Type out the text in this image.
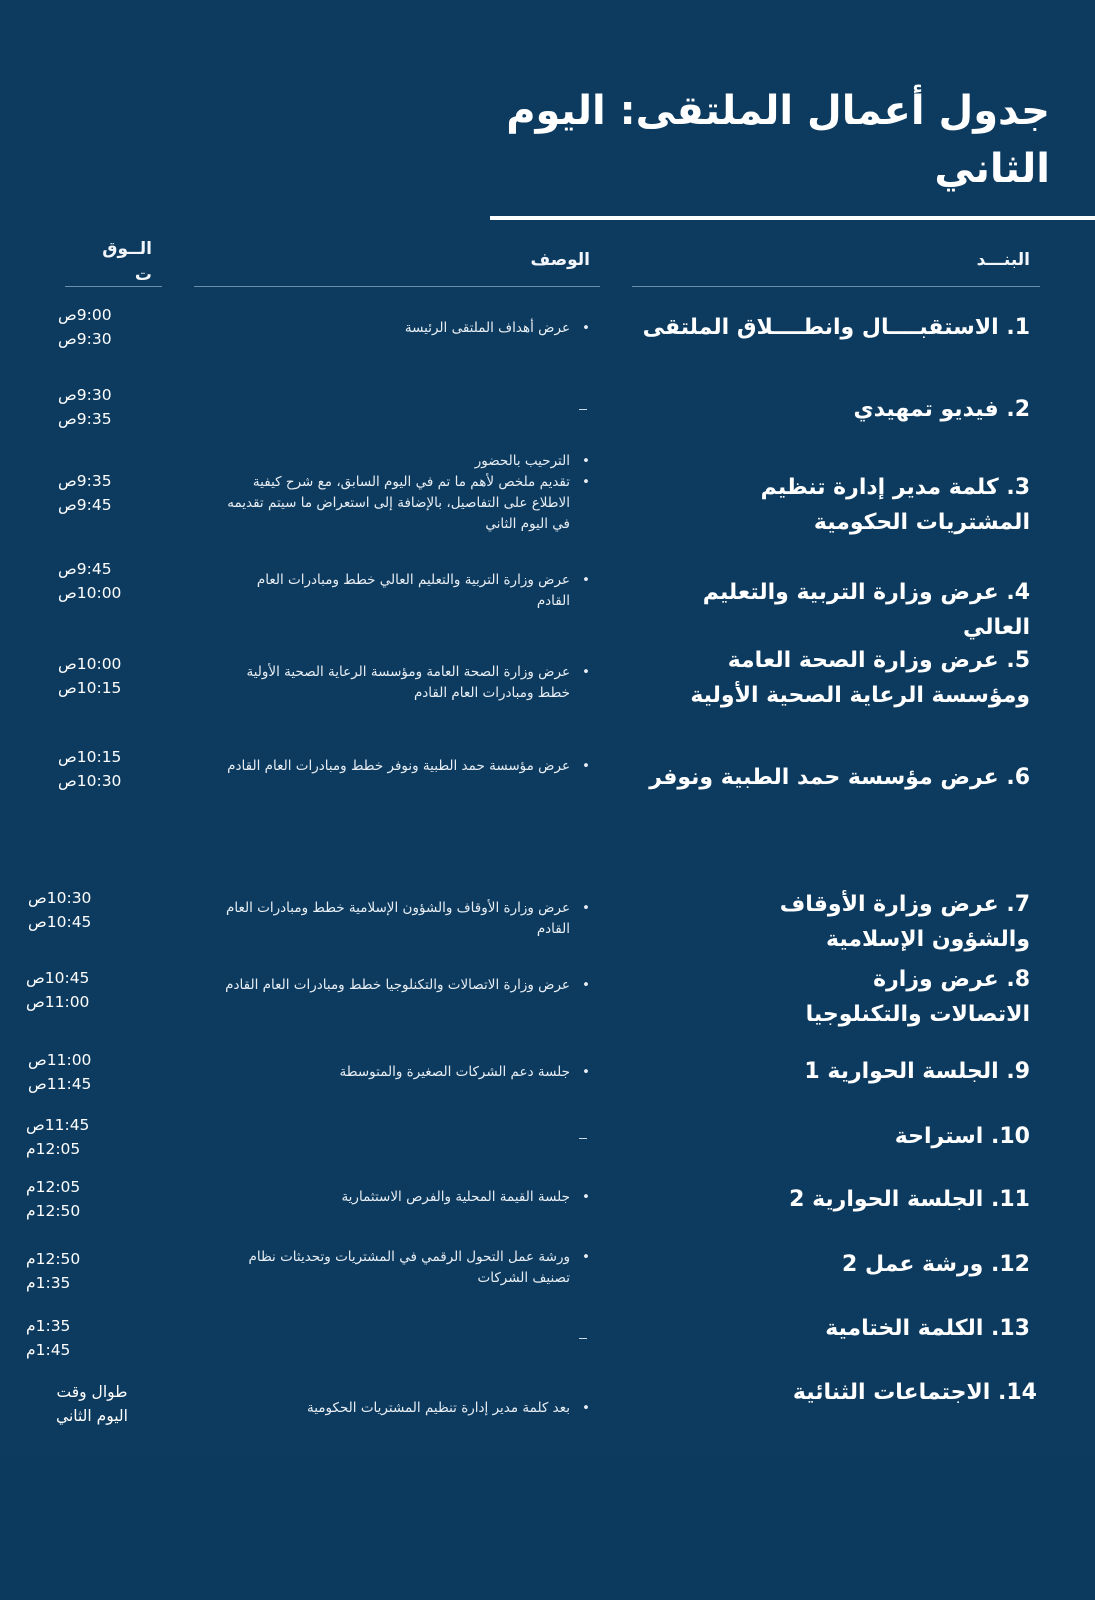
جدول أعمال الملتقى: اليوم الثاني
البنـــد
الوصف
الــوق ت
1. الاستقبــــال وانطــــلاق الملتقى
• عرض أهداف الملتقى الرئيسة
9:00ص
9:30ص
2. فيديو تمهيدي
9:30ص
9:35ص
3. كلمة مدير إدارة تنظيم المشتريات الحكومية
• الترحيب بالحضور
• تقديم ملخص لأهم ما تم في اليوم السابق، مع شرح كيفية الاطلاع على التفاصيل، بالإضافة إلى استعراض ما سيتم تقديمه في اليوم الثاني
9:35ص
9:45ص
4. عرض وزارة التربية والتعليم العالي
• عرض وزارة التربية والتعليم العالي خطط ومبادرات العام القادم
9:45ص
10:00ص
5. عرض وزارة الصحة العامة ومؤسسة الرعاية الصحية الأولية
• عرض وزارة الصحة العامة ومؤسسة الرعاية الصحية الأولية خطط ومبادرات العام القادم
10:00ص
10:15ص
6. عرض مؤسسة حمد الطبية ونوفر
• عرض مؤسسة حمد الطبية ونوفر خطط ومبادرات العام القادم
10:15ص
10:30ص
7. عرض وزارة الأوقاف والشؤون الإسلامية
• عرض وزارة الأوقاف والشؤون الإسلامية خطط ومبادرات العام القادم
10:30ص
10:45ص
8. عرض وزارة الاتصالات والتكنلوجيا
• عرض وزارة الاتصالات والتكنلوجيا خطط ومبادرات العام القادم
10:45ص
11:00ص
9. الجلسة الحوارية 1
• جلسة دعم الشركات الصغيرة والمتوسطة
11:00ص
11:45ص
10. استراحة
11:45ص
12:05م
11. الجلسة الحوارية 2
• جلسة القيمة المحلية والفرص الاستثمارية
12:05م
12:50م
12. ورشة عمل 2
• ورشة عمل التحول الرقمي في المشتريات وتحديثات نظام تصنيف الشركات
12:50م
1:35م
13. الكلمة الختامية
1:35م
1:45م
14. الاجتماعات الثنائية
• بعد كلمة مدير إدارة تنظيم المشتريات الحكومية
طوال وقت
اليوم الثاني
